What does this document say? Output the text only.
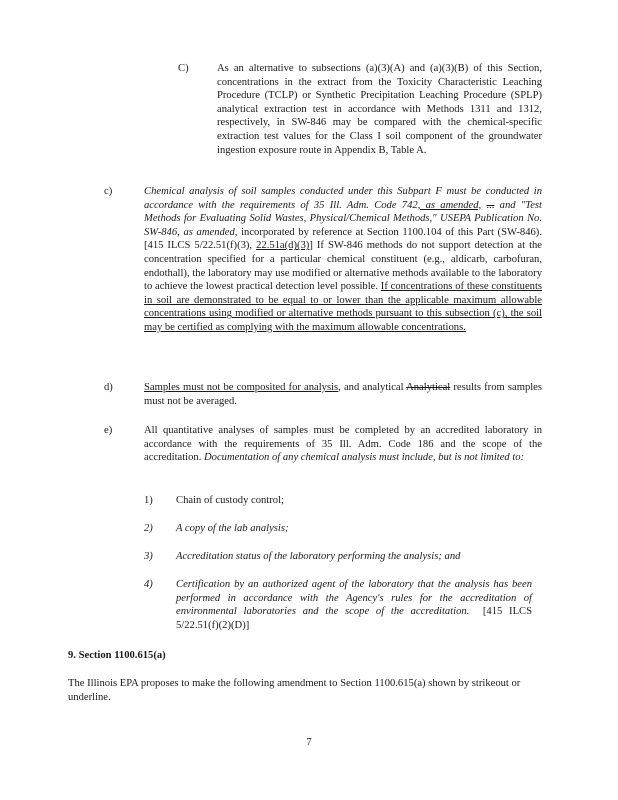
C)	As an alternative to subsections (a)(3)(A) and (a)(3)(B) of this Section, concentrations in the extract from the Toxicity Characteristic Leaching Procedure (TCLP) or Synthetic Precipitation Leaching Procedure (SPLP) analytical extraction test in accordance with Methods 1311 and 1312, respectively, in SW-846 may be compared with the chemical-specific extraction test values for the Class I soil component of the groundwater ingestion exposure route in Appendix B, Table A.
c)	Chemical analysis of soil samples conducted under this Subpart F must be conducted in accordance with the requirements of 35 Ill. Adm. Code 742, as amended, ... and "Test Methods for Evaluating Solid Wastes, Physical/Chemical Methods," USEPA Publication No. SW-846, as amended, incorporated by reference at Section 1100.104 of this Part (SW-846). [415 ILCS 5/22.51(f)(3), 22.51a(d)(3)] If SW-846 methods do not support detection at the concentration specified for a particular chemical constituent (e.g., aldicarb, carbofuran, endothall), the laboratory may use modified or alternative methods available to the laboratory to achieve the lowest practical detection level possible. If concentrations of these constituents in soil are demonstrated to be equal to or lower than the applicable maximum allowable concentrations using modified or alternative methods pursuant to this subsection (c), the soil may be certified as complying with the maximum allowable concentrations.
d)	Samples must not be composited for analysis, and analytical Analytical results from samples must not be averaged.
e)	All quantitative analyses of samples must be completed by an accredited laboratory in accordance with the requirements of 35 Ill. Adm. Code 186 and the scope of the accreditation. Documentation of any chemical analysis must include, but is not limited to:
1) Chain of custody control;
2) A copy of the lab analysis;
3) Accreditation status of the laboratory performing the analysis; and
4) Certification by an authorized agent of the laboratory that the analysis has been performed in accordance with the Agency's rules for the accreditation of environmental laboratories and the scope of the accreditation. [415 ILCS 5/22.51(f)(2)(D)]
9. Section 1100.615(a)
The Illinois EPA proposes to make the following amendment to Section 1100.615(a) shown by strikeout or underline.
7
